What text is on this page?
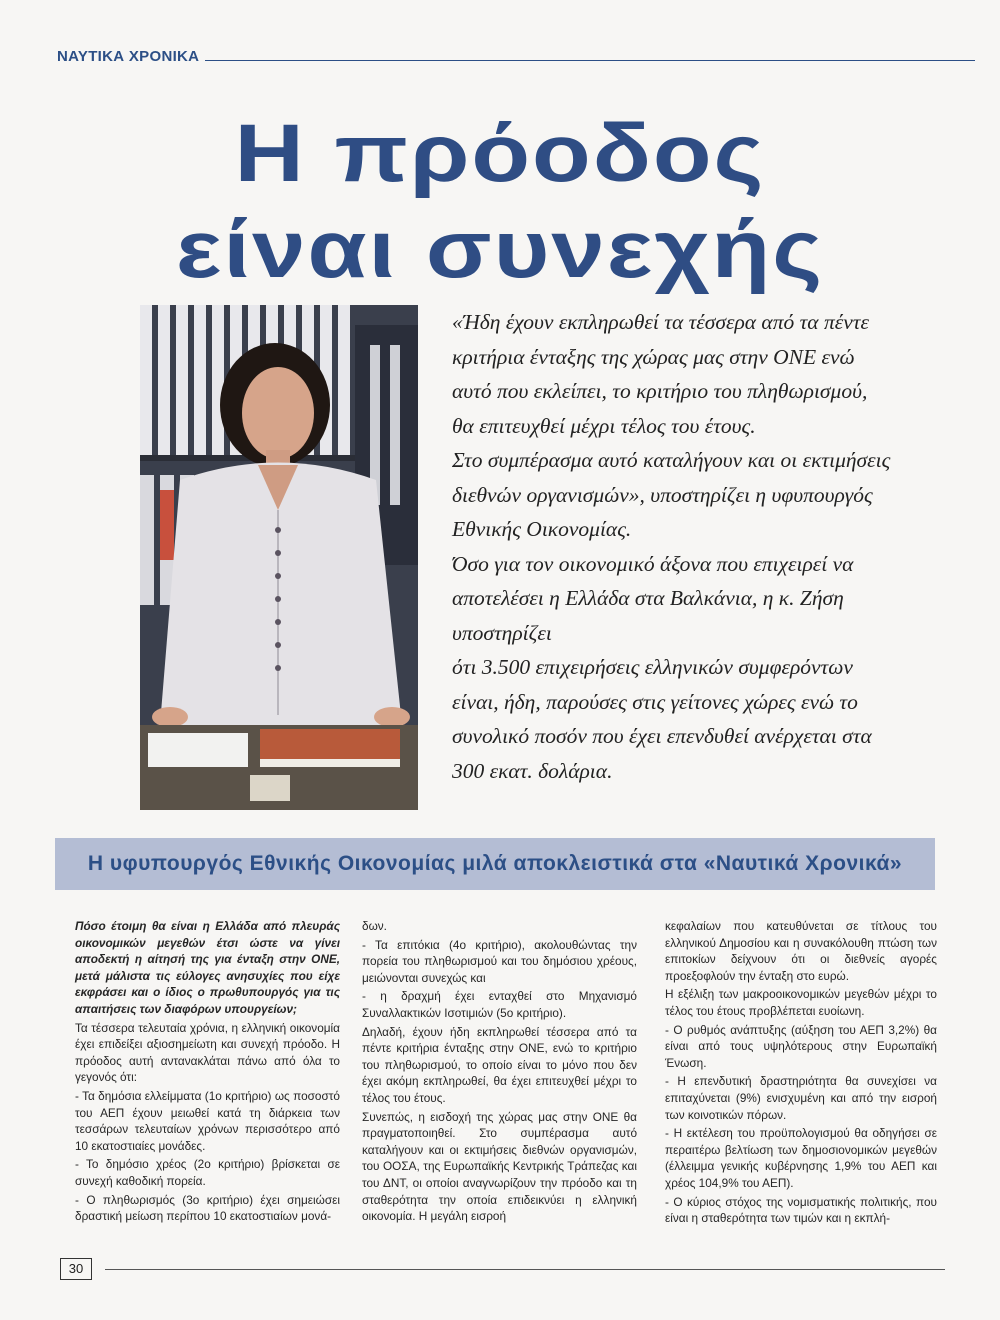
ΝΑΥΤΙΚΑ ΧΡΟΝΙΚΑ
Η πρόοδος
είναι συνεχής

«Ήδη έχουν εκπληρωθεί τα τέσσερα από τα πέντε κριτήρια ένταξης της χώρας μας στην ΟΝΕ ενώ αυτό που εκλείπει, το κριτήριο του πληθωρισμού, θα επιτευχθεί μέχρι τέλος του έτους.

Στο συμπέρασμα αυτό καταλήγουν και οι εκτιμήσεις διεθνών οργανισμών», υποστηρίζει η υφυπουργός Εθνικής Οικονομίας.

Όσο για τον οικονομικό άξονα που επιχειρεί να αποτελέσει η Ελλάδα στα Βαλκάνια, η κ. Ζήση υποστηρίζει

ότι 3.500 επιχειρήσεις ελληνικών συμφερόντων είναι, ήδη, παρούσες στις γείτονες χώρες ενώ το συνολικό ποσόν που έχει επενδυθεί ανέρχεται στα 300 εκατ. δολάρια.

Η υφυπουργός Εθνικής Οικονομίας μιλά αποκλειστικά στα «Ναυτικά Χρονικά»

Πόσο έτοιμη θα είναι η Ελλάδα από πλευράς οικονομικών μεγεθών έτσι ώστε να γίνει αποδεκτή η αίτησή της για ένταξη στην ΟΝΕ, μετά μάλιστα τις εύλογες ανησυχίες που είχε εκφράσει και ο ίδιος ο πρωθυπουργός για τις απαιτήσεις των διαφόρων υπουργείων;

Τα τέσσερα τελευταία χρόνια, η ελληνική οικονομία έχει επιδείξει αξιοσημείωτη και συνεχή πρόοδο. Η πρόοδος αυτή αντανακλάται πάνω από όλα το γεγονός ότι:

- Τα δημόσια ελλείμματα (1ο κριτήριο) ως ποσοστό του ΑΕΠ έχουν μειωθεί κατά τη διάρκεια των τεσσάρων τελευταίων χρόνων περισσότερο από 10 εκατοστιαίες μονάδες.

- Το δημόσιο χρέος (2ο κριτήριο) βρίσκεται σε συνεχή καθοδική πορεία.

- Ο πληθωρισμός (3ο κριτήριο) έχει σημειώσει δραστική μείωση περίπου 10 εκατοστιαίων μονά-

δων.

- Τα επιτόκια (4ο κριτήριο), ακολουθώντας την πορεία του πληθωρισμού και του δημόσιου χρέους, μειώνονται συνεχώς και

- η δραχμή έχει ενταχθεί στο Μηχανισμό Συναλλακτικών Ισοτιμιών (5ο κριτήριο).

Δηλαδή, έχουν ήδη εκπληρωθεί τέσσερα από τα πέντε κριτήρια ένταξης στην ΟΝΕ, ενώ το κριτήριο του πληθωρισμού, το οποίο είναι το μόνο που δεν έχει ακόμη εκπληρωθεί, θα έχει επιτευχθεί μέχρι το τέλος του έτους.

Συνεπώς, η εισδοχή της χώρας μας στην ΟΝΕ θα πραγματοποιηθεί. Στο συμπέρασμα αυτό καταλήγουν και οι εκτιμήσεις διεθνών οργανισμών, του ΟΟΣΑ, της Ευρωπαϊκής Κεντρικής Τράπεζας και του ΔΝΤ, οι οποίοι αναγνωρίζουν την πρόοδο και τη σταθερότητα την οποία επιδεικνύει η ελληνική οικονομία. Η μεγάλη εισροή

κεφαλαίων που κατευθύνεται σε τίτλους του ελληνικού Δημοσίου και η συνακόλουθη πτώση των επιτοκίων δείχνουν ότι οι διεθνείς αγορές προεξοφλούν την ένταξη στο ευρώ.

Η εξέλιξη των μακροοικονομικών μεγεθών μέχρι το τέλος του έτους προβλέπεται ευοίωνη.

- Ο ρυθμός ανάπτυξης (αύξηση του ΑΕΠ 3,2%) θα είναι από τους υψηλότερους στην Ευρωπαϊκή Ένωση.

- Η επενδυτική δραστηριότητα θα συνεχίσει να επιταχύνεται (9%) ενισχυμένη και από την εισροή των κοινοτικών πόρων.

- Η εκτέλεση του προϋπολογισμού θα οδηγήσει σε περαιτέρω βελτίωση των δημοσιονομικών μεγεθών (έλλειμμα γενικής κυβέρνησης 1,9% του ΑΕΠ και χρέος 104,9% του ΑΕΠ).

- Ο κύριος στόχος της νομισματικής πολιτικής, που είναι η σταθερότητα των τιμών και η εκπλή-

30
